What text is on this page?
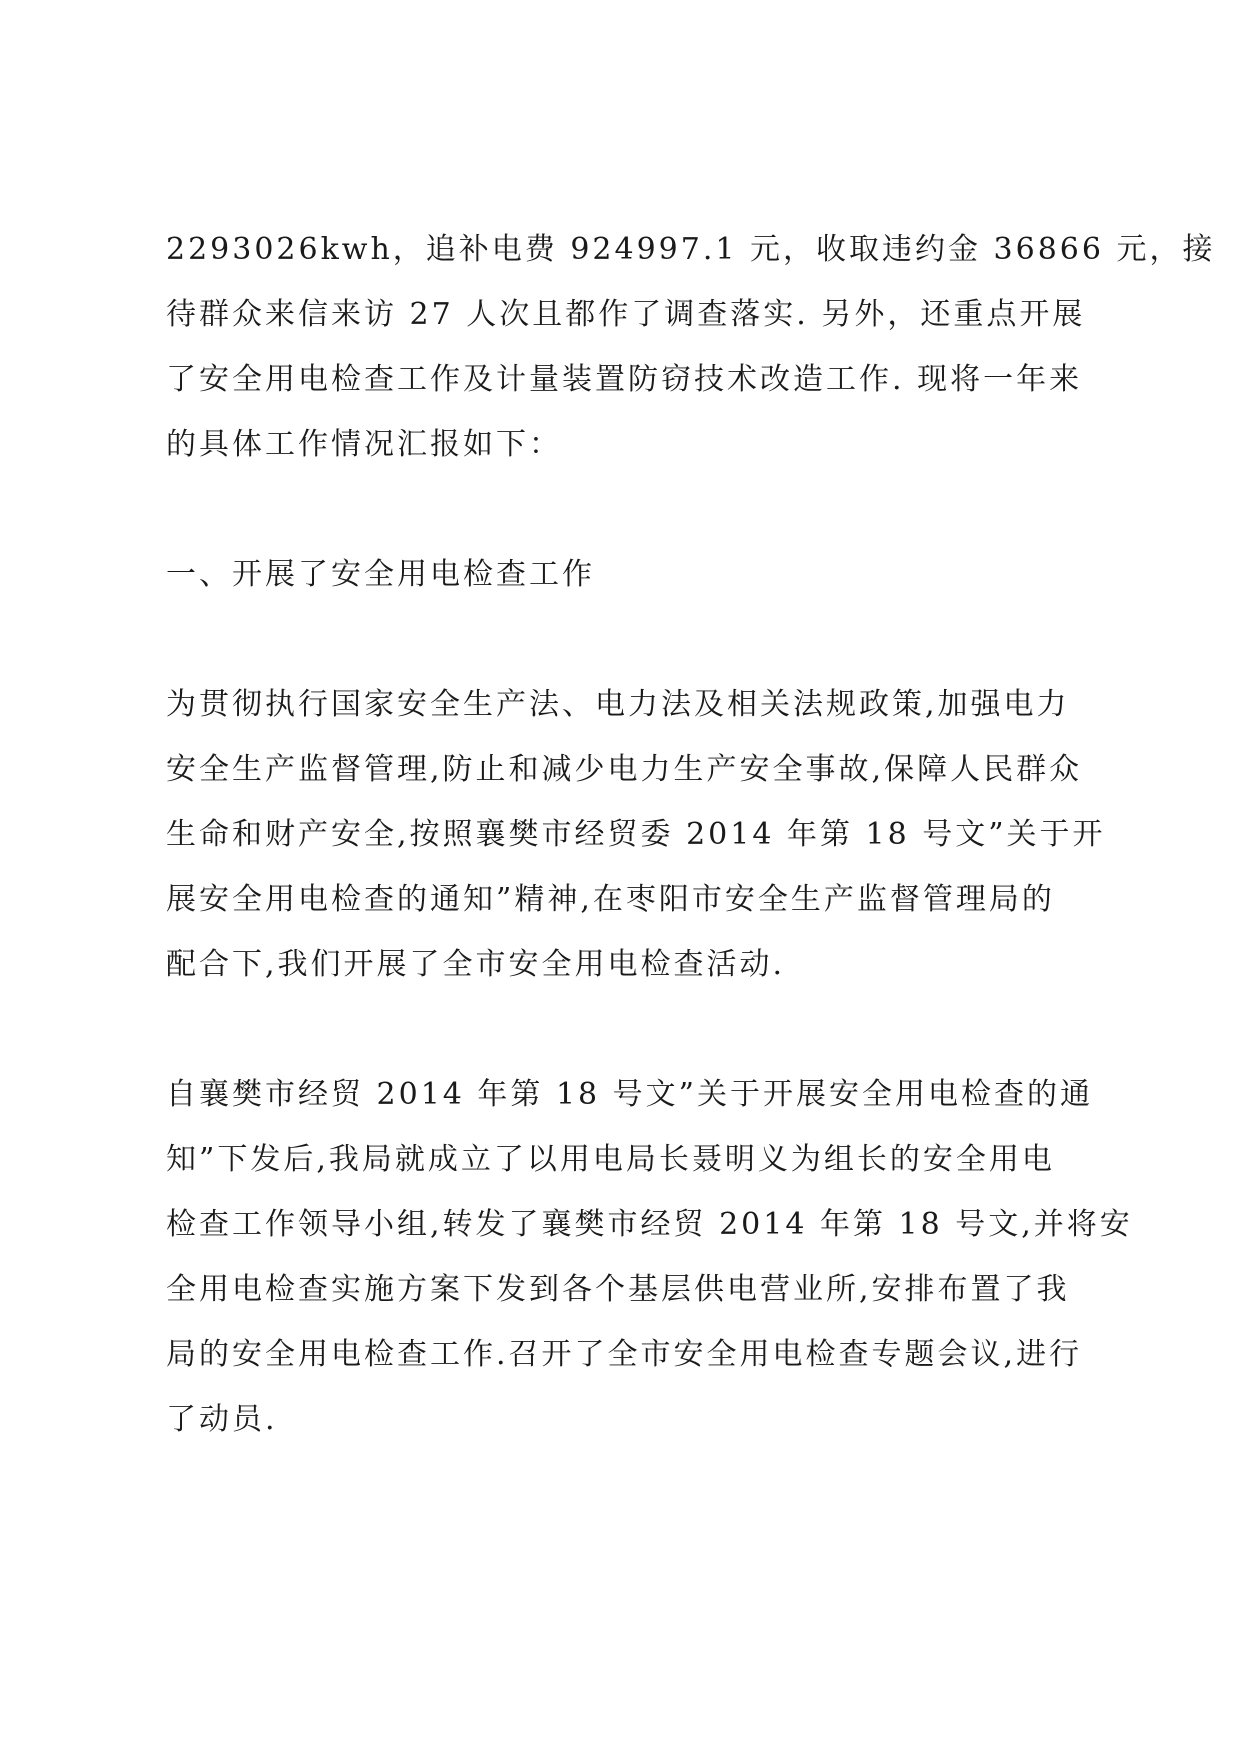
2293026kwh，追补电费 924997.1 元，收取违约金 36866 元，接
待群众来信来访 27 人次且都作了调查落实. 另外，还重点开展
了安全用电检查工作及计量装置防窃技术改造工作. 现将一年来
的具体工作情况汇报如下：
一、开展了安全用电检查工作
为贯彻执行国家安全生产法、电力法及相关法规政策,加强电力
安全生产监督管理,防止和减少电力生产安全事故,保障人民群众
生命和财产安全,按照襄樊市经贸委 2014 年第 18 号文”关于开
展安全用电检查的通知”精神,在枣阳市安全生产监督管理局的
配合下,我们开展了全市安全用电检查活动.
自襄樊市经贸 2014 年第 18 号文”关于开展安全用电检查的通
知”下发后,我局就成立了以用电局长聂明义为组长的安全用电
检查工作领导小组,转发了襄樊市经贸 2014 年第 18 号文,并将安
全用电检查实施方案下发到各个基层供电营业所,安排布置了我
局的安全用电检查工作.召开了全市安全用电检查专题会议,进行
了动员.
